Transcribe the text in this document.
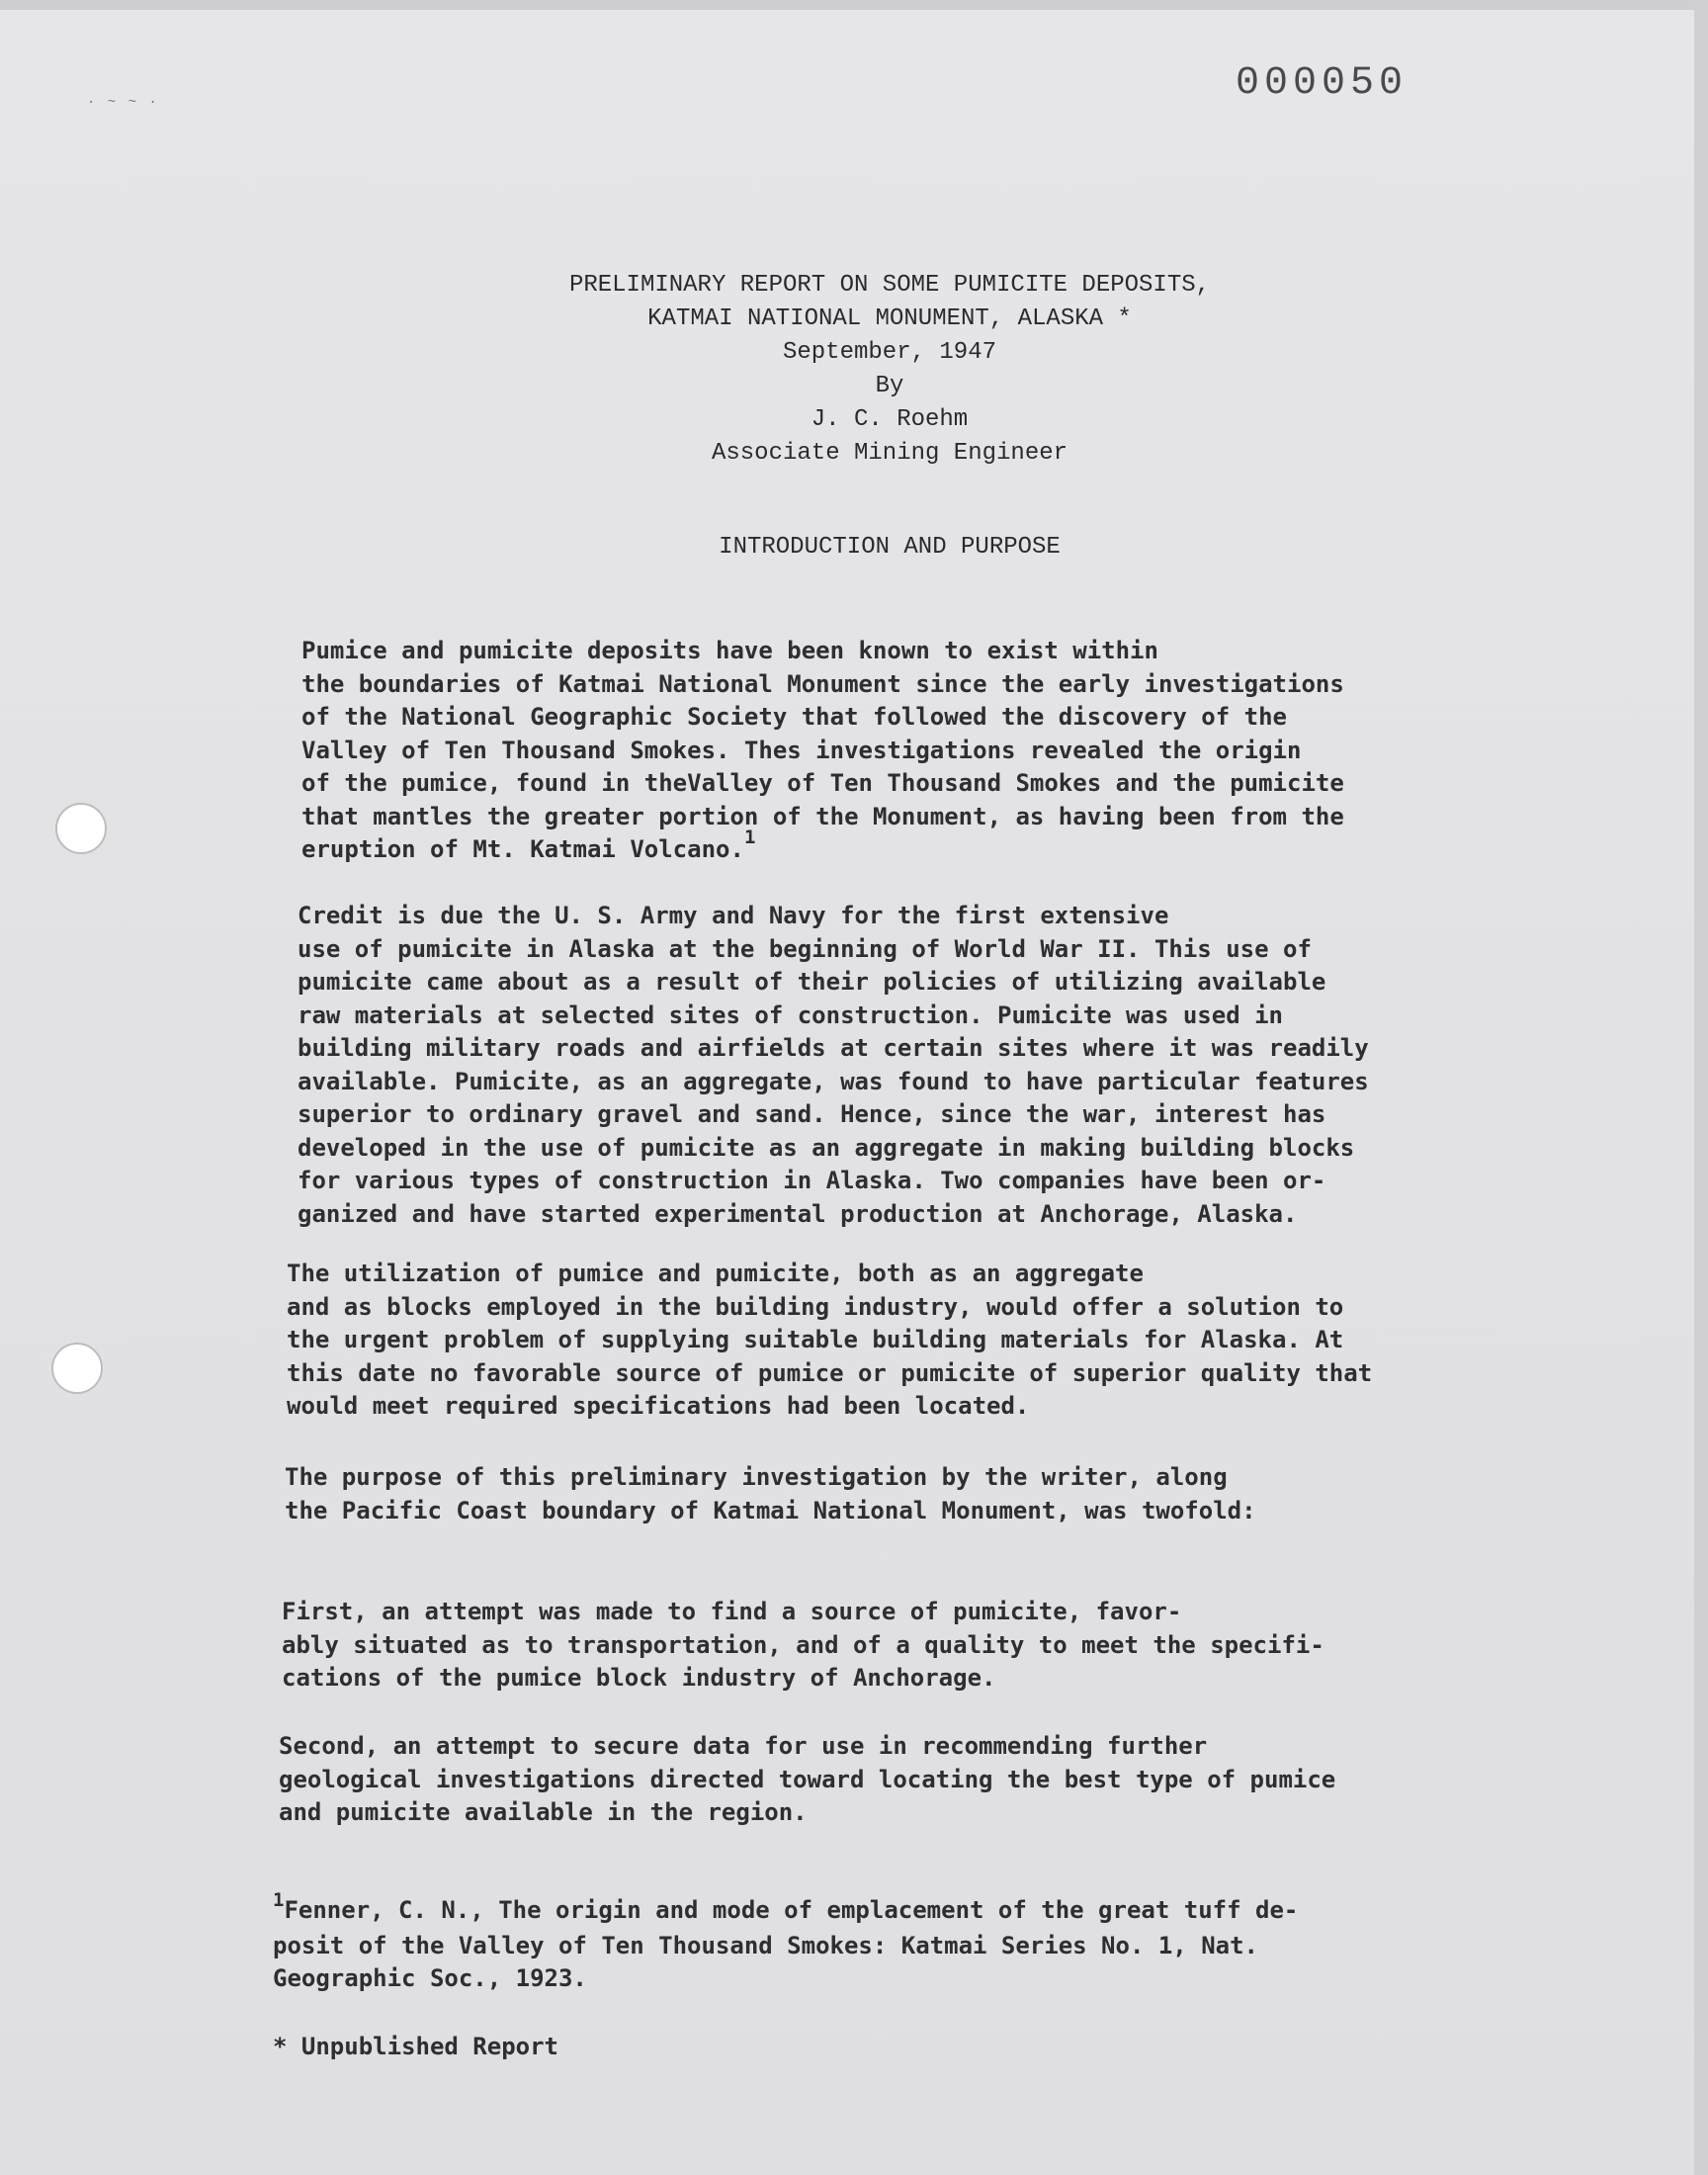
· ~ ~ ·	000050
PRELIMINARY REPORT ON SOME PUMICITE DEPOSITS,
KATMAI NATIONAL MONUMENT, ALASKA *
September, 1947
By
J. C. Roehm
Associate Mining Engineer
INTRODUCTION AND PURPOSE
Pumice and pumicite deposits have been known to exist within
the boundaries of Katmai National Monument since the early investigations
of the National Geographic Society that followed the discovery of the
Valley of Ten Thousand Smokes. Thes investigations revealed the origin
of the pumice, found in theValley of Ten Thousand Smokes and the pumicite
that mantles the greater portion of the Monument, as having been from the
eruption of Mt. Katmai Volcano.$^1$
Credit is due the U. S. Army and Navy for the first extensive
use of pumicite in Alaska at the beginning of World War II. This use of
pumicite came about as a result of their policies of utilizing available
raw materials at selected sites of construction. Pumicite was used in
building military roads and airfields at certain sites where it was readily
available. Pumicite, as an aggregate, was found to have particular features
superior to ordinary gravel and sand. Hence, since the war, interest has
developed in the use of pumicite as an aggregate in making building blocks
for various types of construction in Alaska. Two companies have been or-
ganized and have started experimental production at Anchorage, Alaska.
The utilization of pumice and pumicite, both as an aggregate
and as blocks employed in the building industry, would offer a solution to
the urgent problem of supplying suitable building materials for Alaska. At
this date no favorable source of pumice or pumicite of superior quality that
would meet required specifications had been located.
The purpose of this preliminary investigation by the writer, along
the Pacific Coast boundary of Katmai National Monument, was twofold:
First, an attempt was made to find a source of pumicite, favor-
ably situated as to transportation, and of a quality to meet the specifi-
cations of the pumice block industry of Anchorage.
Second, an attempt to secure data for use in recommending further
geological investigations directed toward locating the best type of pumice
and pumicite available in the region.
$^1$Fenner, C. N., The origin and mode of emplacement of the great tuff de-
posit of the Valley of Ten Thousand Smokes: Katmai Series No. 1, Nat.
Geographic Soc., 1923.
* Unpublished Report
